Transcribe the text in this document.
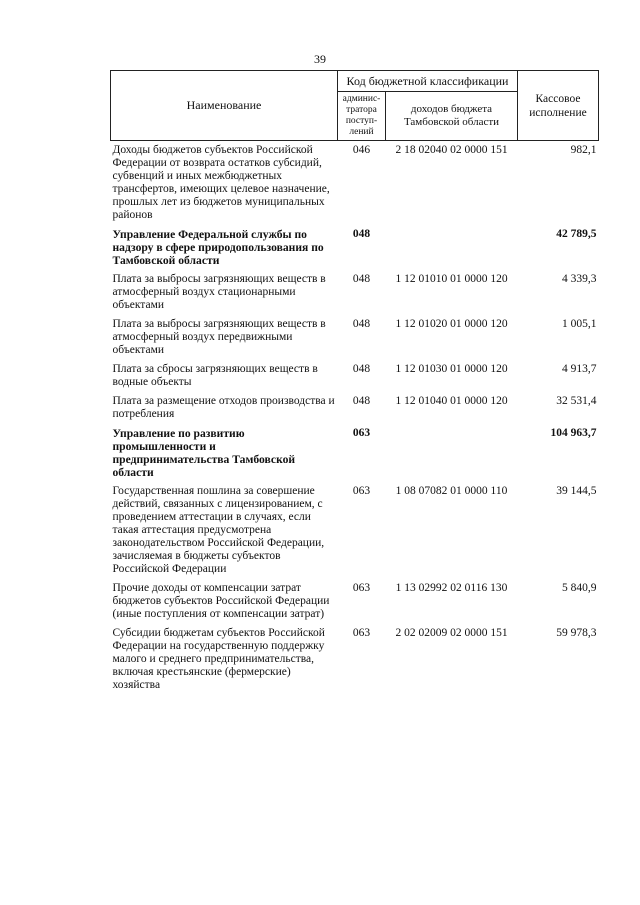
39
Наименование	Код бюджетной классификации		Кассовое исполнение
	админис-тратора поступ-лений	доходов бюджета Тамбовской области	
Доходы бюджетов субъектов Российской Федерации от возврата остатков субсидий, субвенций и иных межбюджетных трансфертов, имеющих целевое назначение, прошлых лет из бюджетов муниципальных районов	046	2 18 02040 02 0000 151	982,1
Управление Федеральной службы по надзору в сфере природопользования по Тамбовской области	048		42 789,5
Плата за выбросы загрязняющих веществ в атмосферный воздух стационарными объектами	048	1 12 01010 01 0000 120	4 339,3
Плата за выбросы загрязняющих веществ в атмосферный воздух передвижными объектами	048	1 12 01020 01 0000 120	1 005,1
Плата за сбросы загрязняющих веществ в водные объекты	048	1 12 01030 01 0000 120	4 913,7
Плата за размещение отходов производства и потребления	048	1 12 01040 01 0000 120	32 531,4
Управление по развитию промышленности и предпринимательства Тамбовской области	063		104 963,7
Государственная пошлина за совершение действий, связанных с лицензированием, с проведением аттестации в случаях, если такая аттестация предусмотрена законодательством Российской Федерации, зачисляемая в бюджеты субъектов Российской Федерации	063	1 08 07082 01 0000 110	39 144,5
Прочие доходы от компенсации затрат бюджетов субъектов Российской Федерации (иные поступления от компенсации затрат)	063	1 13 02992 02 0116 130	5 840,9
Субсидии бюджетам субъектов Российской Федерации на государственную поддержку малого и среднего предпринимательства, включая крестьянские (фермерские) хозяйства	063	2 02 02009 02 0000 151	59 978,3
